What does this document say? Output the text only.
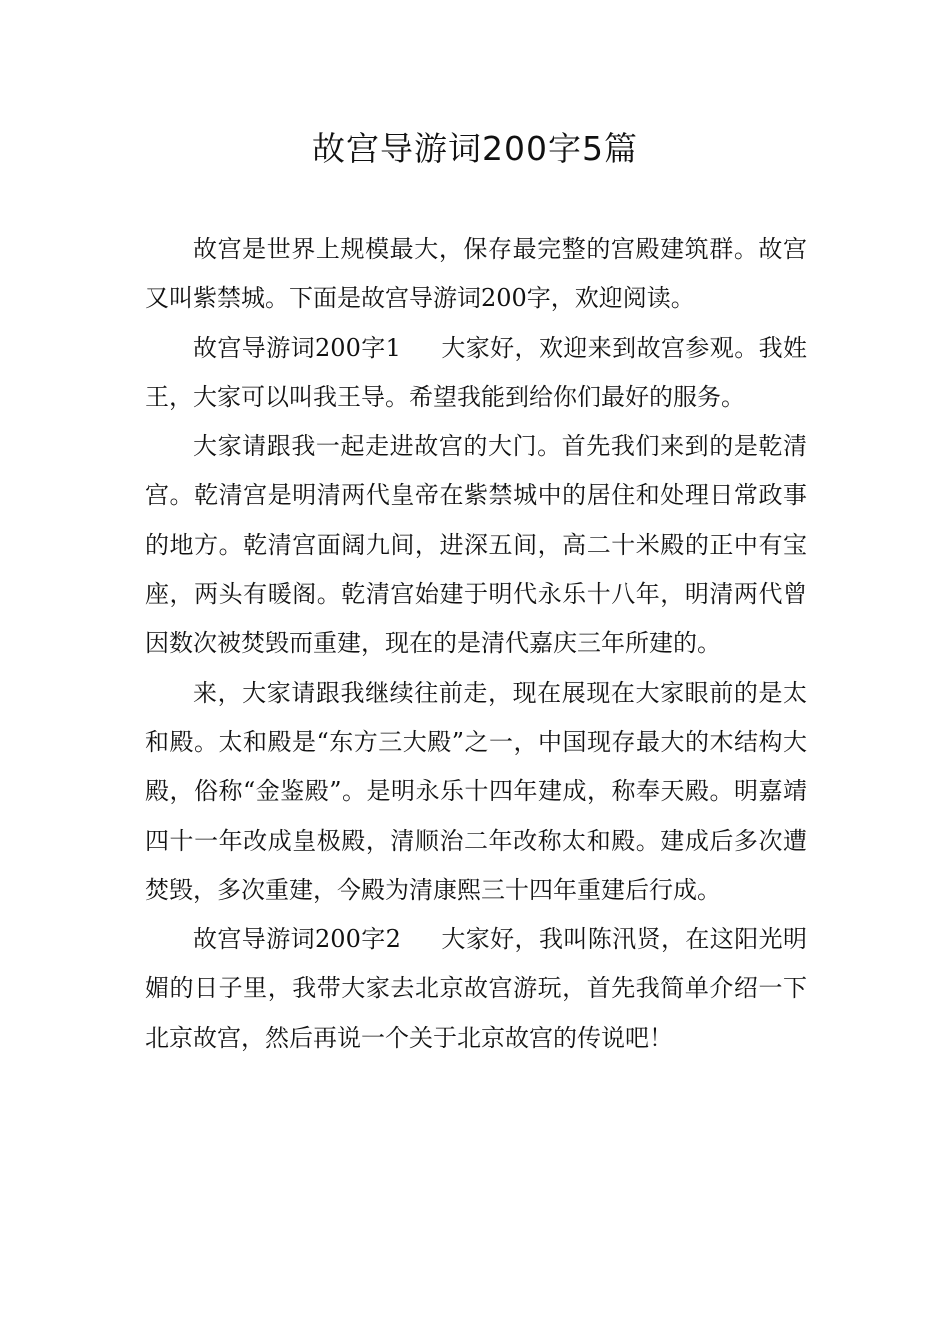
故宫导游词200字5篇

故宫是世界上规模最大，保存最完整的宫殿建筑群。故宫又叫紫禁城。下面是故宫导游词200字，欢迎阅读。

故宫导游词200字1 大家好，欢迎来到故宫参观。我姓王，大家可以叫我王导。希望我能到给你们最好的服务。

大家请跟我一起走进故宫的大门。首先我们来到的是乾清宫。乾清宫是明清两代皇帝在紫禁城中的居住和处理日常政事的地方。乾清宫面阔九间，进深五间，高二十米殿的正中有宝座，两头有暖阁。乾清宫始建于明代永乐十八年，明清两代曾因数次被焚毁而重建，现在的是清代嘉庆三年所建的。

来，大家请跟我继续往前走，现在展现在大家眼前的是太和殿。太和殿是“东方三大殿”之一，中国现存最大的木结构大殿，俗称“金鉴殿”。是明永乐十四年建成，称奉天殿。明嘉靖四十一年改成皇极殿，清顺治二年改称太和殿。建成后多次遭焚毁，多次重建，今殿为清康熙三十四年重建后行成。

故宫导游词200字2 大家好，我叫陈汛贤，在这阳光明媚的日子里，我带大家去北京故宫游玩，首先我简单介绍一下北京故宫，然后再说一个关于北京故宫的传说吧！
